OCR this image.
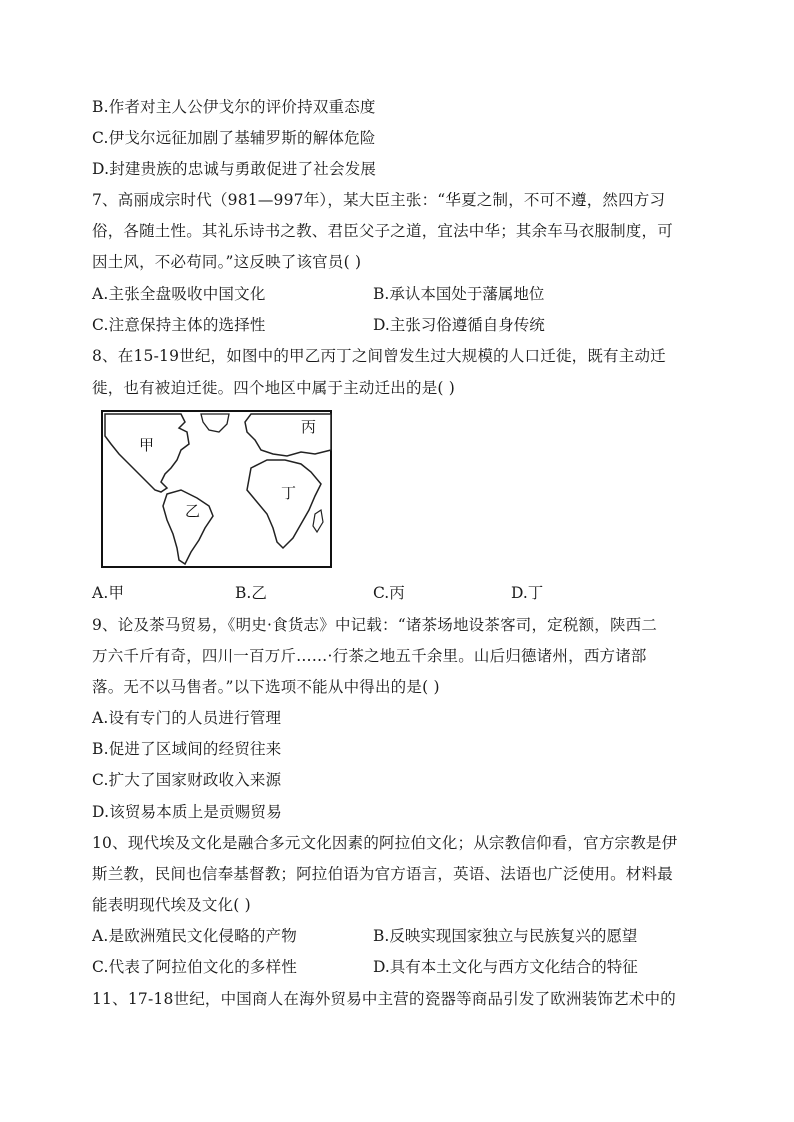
B.作者对主人公伊戈尔的评价持双重态度
C.伊戈尔远征加剧了基辅罗斯的解体危险
D.封建贵族的忠诚与勇敢促进了社会发展
7、高丽成宗时代（981—997年），某大臣主张：“华夏之制，不可不遵，然四方习
俗，各随土性。其礼乐诗书之教、君臣父子之道，宜法中华；其余车马衣服制度，可
因土风，不必苟同。”这反映了该官员( )
A.主张全盘吸收中国文化	B.承认本国处于藩属地位
C.注意保持主体的选择性	D.主张习俗遵循自身传统
8、在15-19世纪，如图中的甲乙丙丁之间曾发生过大规模的人口迁徙，既有主动迁
徙，也有被迫迁徙。四个地区中属于主动迁出的是( )
甲
乙
丙
丁
A.甲	B.乙	C.丙	D.丁
9、论及茶马贸易，《明史·食货志》中记载：“诸茶场地设茶客司，定税额，陕西二
万六千斤有奇，四川一百万斤……·行茶之地五千余里。山后归德诸州，西方诸部
落。无不以马售者。”以下选项不能从中得出的是( )
A.设有专门的人员进行管理
B.促进了区域间的经贸往来
C.扩大了国家财政收入来源
D.该贸易本质上是贡赐贸易
10、现代埃及文化是融合多元文化因素的阿拉伯文化；从宗教信仰看，官方宗教是伊
斯兰教，民间也信奉基督教；阿拉伯语为官方语言，英语、法语也广泛使用。材料最
能表明现代埃及文化( )
A.是欧洲殖民文化侵略的产物	B.反映实现国家独立与民族复兴的愿望
C.代表了阿拉伯文化的多样性	D.具有本土文化与西方文化结合的特征
11、17-18世纪，中国商人在海外贸易中主营的瓷器等商品引发了欧洲装饰艺术中的
